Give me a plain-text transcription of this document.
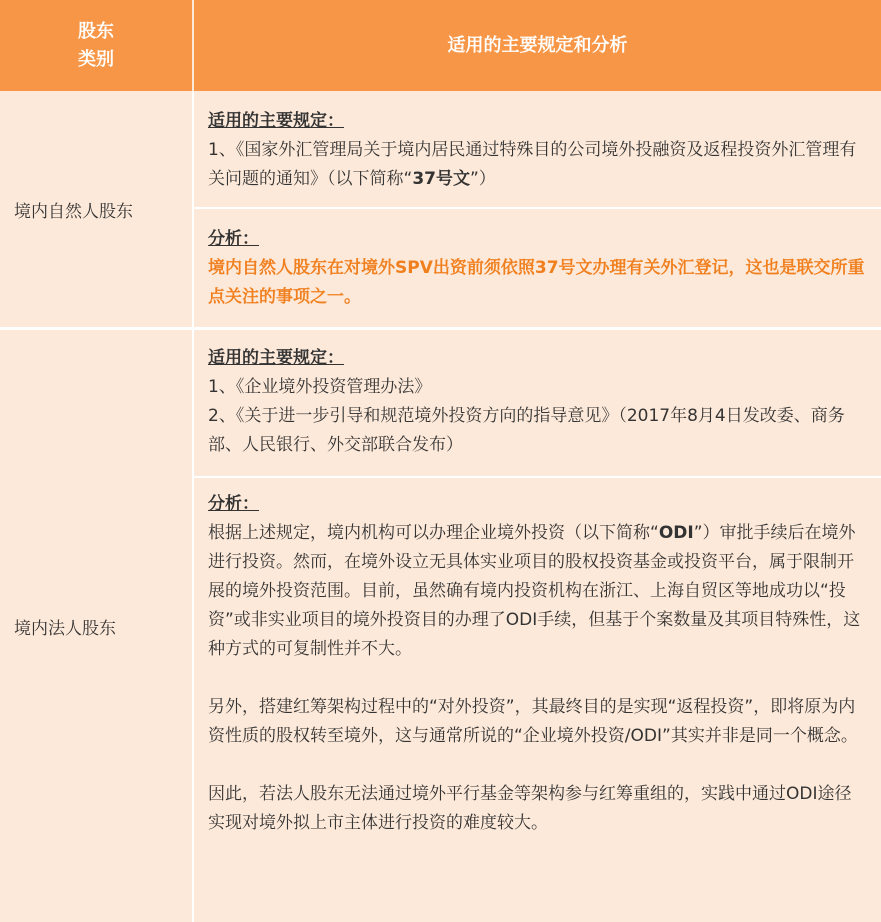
股东
类别
适用的主要规定和分析
境内自然人股东

适用的主要规定：

1、《国家外汇管理局关于境内居民通过特殊目的公司境外投融资及返程投资外汇管理有关问题的通知》（以下简称“37号文”）

分析：

境内自然人股东在对境外SPV出资前须依照37号文办理有关外汇登记，这也是联交所重点关注的事项之一。

境内法人股东

适用的主要规定：

1、《企业境外投资管理办法》

2、《关于进一步引导和规范境外投资方向的指导意见》（2017年8月4日发改委、商务部、人民银行、外交部联合发布）

分析：

根据上述规定，境内机构可以办理企业境外投资（以下简称“ODI”）审批手续后在境外进行投资。然而，在境外设立无具体实业项目的股权投资基金或投资平台，属于限制开展的境外投资范围。目前，虽然确有境内投资机构在浙江、上海自贸区等地成功以“投资”或非实业项目的境外投资目的办理了ODI手续，但基于个案数量及其项目特殊性，这种方式的可复制性并不大。

另外，搭建红筹架构过程中的“对外投资”，其最终目的是实现“返程投资”，即将原为内资性质的股权转至境外，这与通常所说的“企业境外投资/ODI”其实并非是同一个概念。

因此，若法人股东无法通过境外平行基金等架构参与红筹重组的，实践中通过ODI途径实现对境外拟上市主体进行投资的难度较大。
